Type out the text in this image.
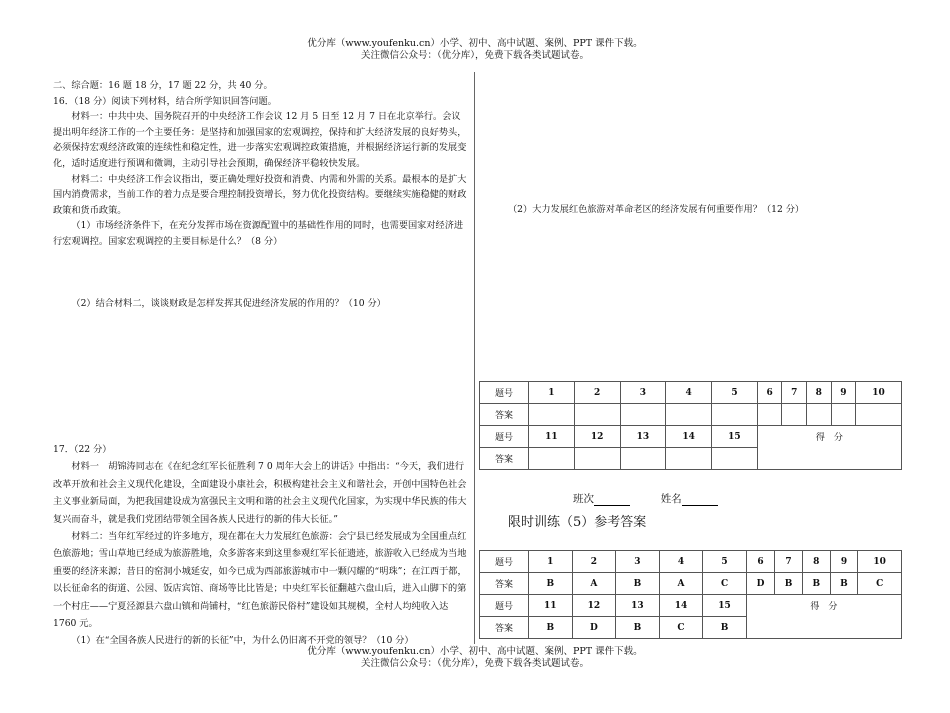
优分库（www.youfenku.cn）小学、初中、高中试题、案例、PPT 课件下载。
关注微信公众号：（优分库），免费下载各类试题试卷。

二、综合题：16 题 18 分，17 题 22 分，共 40 分。

16．（18 分）阅读下列材料，结合所学知识回答问题。

材料一：中共中央、国务院召开的中央经济工作会议 12 月 5 日至 12 月 7 日在北京举行。会议提出明年经济工作的一个主要任务：是坚持和加强国家的宏观调控，保持和扩大经济发展的良好势头，必须保持宏观经济政策的连续性和稳定性，进一步落实宏观调控政策措施，并根据经济运行新的发展变化，适时适度进行预调和微调，主动引导社会预期，确保经济平稳较快发展。

材料二：中央经济工作会议指出，要正确处理好投资和消费、内需和外需的关系。最根本的是扩大国内消费需求，当前工作的着力点是要合理控制投资增长，努力优化投资结构。要继续实施稳健的财政政策和货币政策。

（1）市场经济条件下，在充分发挥市场在资源配置中的基础性作用的同时，也需要国家对经济进行宏观调控。国家宏观调控的主要目标是什么？（8 分）

（2）结合材料二，谈谈财政是怎样发挥其促进经济发展的作用的？（10 分）

17．（22 分）

材料一　胡锦涛同志在《在纪念红军长征胜利 7 0 周年大会上的讲话》中指出：“今天，我们进行改革开放和社会主义现代化建设，全面建设小康社会，积极构建社会主义和谐社会，开创中国特色社会主义事业新局面，为把我国建设成为富强民主文明和谐的社会主义现代化国家，为实现中华民族的伟大复兴而奋斗，就是我们党团结带领全国各族人民进行的新的伟大长征。”

材料二：当年红军经过的许多地方，现在都在大力发展红色旅游：会宁县已经发展成为全国重点红色旅游地；雪山草地已经成为旅游胜地，众多游客来到这里参观红军长征遗迹，旅游收入已经成为当地重要的经济来源；昔日的窑洞小城延安，如今已成为西部旅游城市中一颗闪耀的“明珠”；在江西于都，以长征命名的街道、公园、饭店宾馆、商场等比比皆是；中央红军长征翻越六盘山后，进入山脚下的第一个村庄——宁夏泾源县六盘山镇和尚铺村，“红色旅游民俗村”建设如其规模，全村人均纯收入达 1760 元。

（1）在“全国各族人民进行的新的长征”中，为什么仍旧离不开党的领导？（10 分）

（2）大力发展红色旅游对革命老区的经济发展有何重要作用？（12 分）
题号	1	2	3	4	5	6	7	8	9	10
答案										
题号	11	12	13	14	15	得　分				
答案										
班次	姓名
限时训练（5）参考答案
题号	1	2	3	4	5	6	7	8	9	10
答案	B	A	B	A	C	D	B	B	B	C
题号	11	12	13	14	15	得　分				
答案	B	D	B	C	B					
优分库（www.youfenku.cn）小学、初中、高中试题、案例、PPT 课件下载。
关注微信公众号：（优分库），免费下载各类试题试卷。
